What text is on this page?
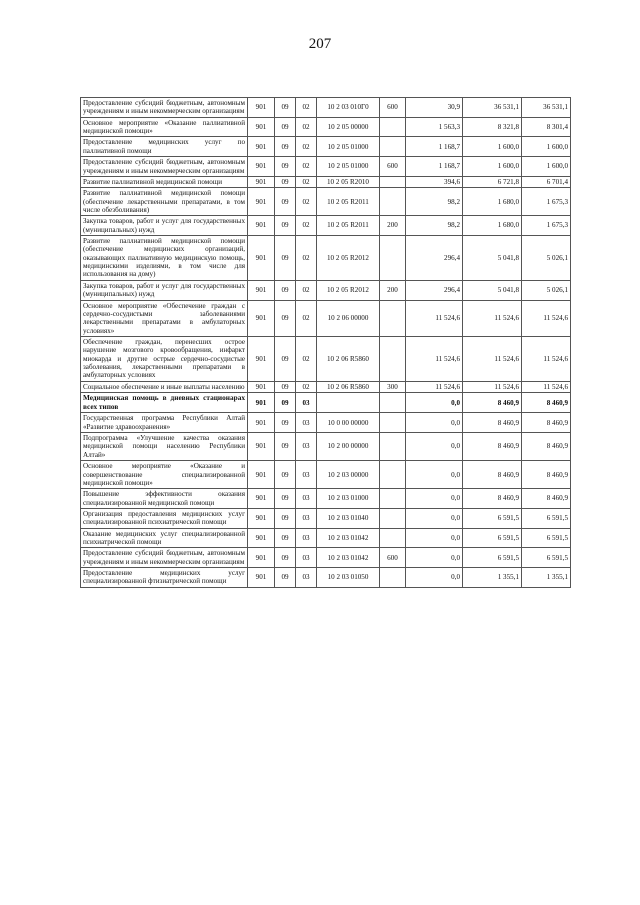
207
Предоставление субсидий бюджетным, автономным учреждениям и иным некоммерческим организациям	901	09	02	10 2 03 010Г0	600	30,9	36 531,1	36 531,1
Основное мероприятие «Оказание паллиативной медицинской помощи»	901	09	02	10 2 05 00000		1 563,3	8 321,8	8 301,4
Предоставление медицинских услуг по паллиативной помощи	901	09	02	10 2 05 01000		1 168,7	1 600,0	1 600,0
Предоставление субсидий бюджетным, автономным учреждениям и иным некоммерческим организациям	901	09	02	10 2 05 01000	600	1 168,7	1 600,0	1 600,0
Развитие паллиативной медицинской помощи	901	09	02	10 2 05 R2010		394,6	6 721,8	6 701,4
Развитие паллиативной медицинской помощи (обеспечение лекарственными препаратами, в том числе обезболивания)	901	09	02	10 2 05 R2011		98,2	1 680,0	1 675,3
Закупка товаров, работ и услуг для государственных (муниципальных) нужд	901	09	02	10 2 05 R2011	200	98,2	1 680,0	1 675,3
Развитие паллиативной медицинской помощи (обеспечение медицинских организаций, оказывающих паллиативную медицинскую помощь, медицинскими изделиями, в том числе для использования на дому)	901	09	02	10 2 05 R2012		296,4	5 041,8	5 026,1
Закупка товаров, работ и услуг для государственных (муниципальных) нужд	901	09	02	10 2 05 R2012	200	296,4	5 041,8	5 026,1
Основное мероприятие «Обеспечение граждан с сердечно-сосудистыми заболеваниями лекарственными препаратами в амбулаторных условиях»	901	09	02	10 2 06 00000		11 524,6	11 524,6	11 524,6
Обеспечение граждан, перенесших острое нарушение мозгового кровообращения, инфаркт миокарда и другие острые сердечно-сосудистые заболевания, лекарственными препаратами в амбулаторных условиях	901	09	02	10 2 06 R5860		11 524,6	11 524,6	11 524,6
Социальное обеспечение и иные выплаты населению	901	09	02	10 2 06 R5860	300	11 524,6	11 524,6	11 524,6
Медицинская помощь в дневных стационарах всех типов	901	09	03			0,0	8 460,9	8 460,9
Государственная программа Республики Алтай «Развитие здравоохранения»	901	09	03	10 0 00 00000		0,0	8 460,9	8 460,9
Подпрограмма «Улучшение качества оказания медицинской помощи населению Республики Алтай»	901	09	03	10 2 00 00000		0,0	8 460,9	8 460,9
Основное мероприятие «Оказание и совершенствование специализированной медицинской помощи»	901	09	03	10 2 03 00000		0,0	8 460,9	8 460,9
Повышение эффективности оказания специализированной медицинской помощи	901	09	03	10 2 03 01000		0,0	8 460,9	8 460,9
Организация предоставления медицинских услуг специализированной психиатрической помощи	901	09	03	10 2 03 01040		0,0	6 591,5	6 591,5
Оказание медицинских услуг специализированной психиатрической помощи	901	09	03	10 2 03 01042		0,0	6 591,5	6 591,5
Предоставление субсидий бюджетным, автономным учреждениям и иным некоммерческим организациям	901	09	03	10 2 03 01042	600	0,0	6 591,5	6 591,5
Предоставление медицинских услуг специализированной фтизиатрической помощи	901	09	03	10 2 03 01050		0,0	1 355,1	1 355,1
